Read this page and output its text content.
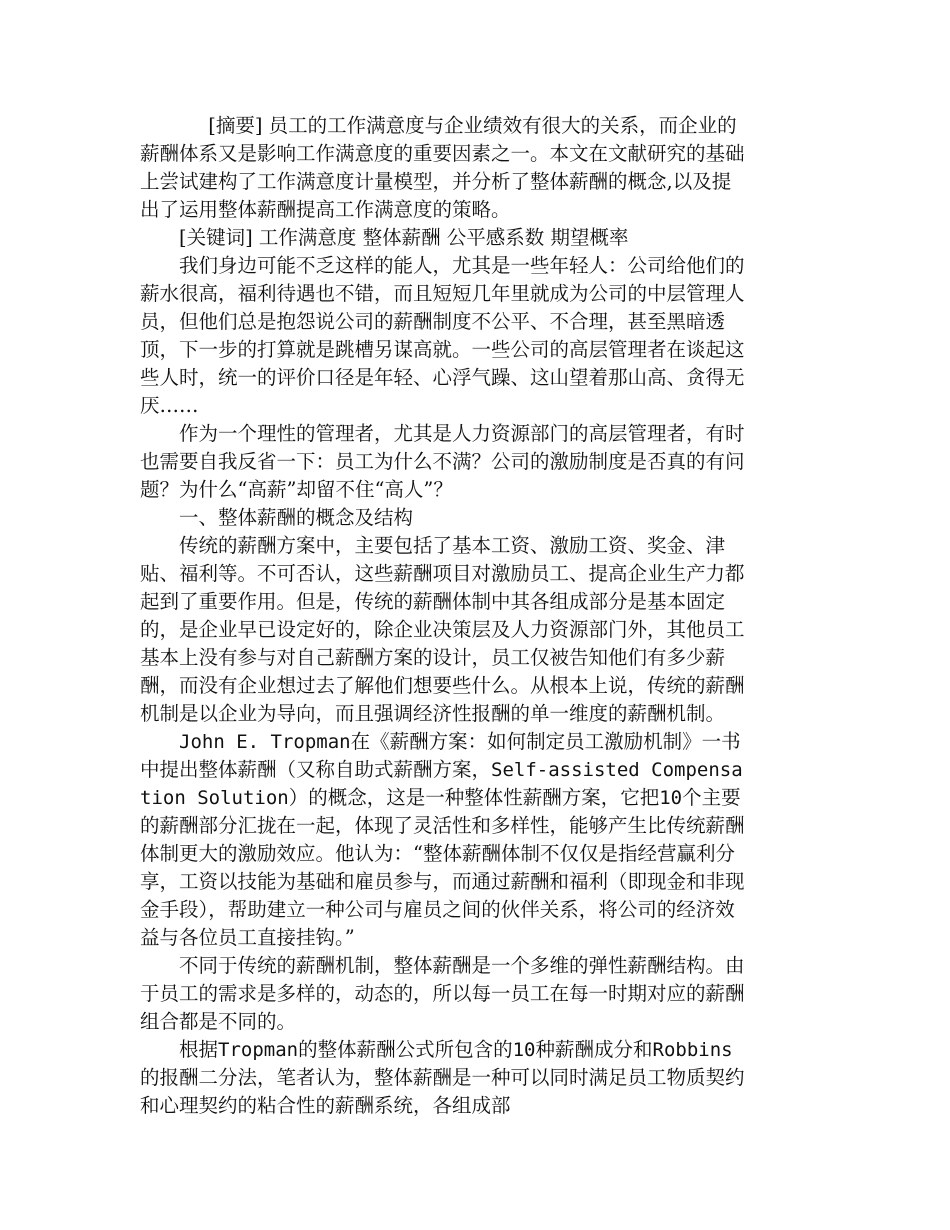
[摘要] 员工的工作满意度与企业绩效有很大的关系，而企业的薪酬体系又是影响工作满意度的重要因素之一。本文在文献研究的基础上尝试建构了工作满意度计量模型，并分析了整体薪酬的概念,以及提出了运用整体薪酬提高工作满意度的策略。

[关键词] 工作满意度 整体薪酬 公平感系数 期望概率

我们身边可能不乏这样的能人，尤其是一些年轻人：公司给他们的薪水很高，福利待遇也不错，而且短短几年里就成为公司的中层管理人员，但他们总是抱怨说公司的薪酬制度不公平、不合理，甚至黑暗透顶，下一步的打算就是跳槽另谋高就。一些公司的高层管理者在谈起这些人时，统一的评价口径是年轻、心浮气躁、这山望着那山高、贪得无厌……

作为一个理性的管理者，尤其是人力资源部门的高层管理者，有时也需要自我反省一下：员工为什么不满？公司的激励制度是否真的有问题？为什么“高薪”却留不住“高人”？

一、整体薪酬的概念及结构

传统的薪酬方案中，主要包括了基本工资、激励工资、奖金、津贴、福利等。不可否认，这些薪酬项目对激励员工、提高企业生产力都起到了重要作用。但是，传统的薪酬体制中其各组成部分是基本固定的，是企业早已设定好的，除企业决策层及人力资源部门外，其他员工基本上没有参与对自己薪酬方案的设计，员工仅被告知他们有多少薪酬，而没有企业想过去了解他们想要些什么。从根本上说，传统的薪酬机制是以企业为导向，而且强调经济性报酬的单一维度的薪酬机制。

John E. Tropman在《薪酬方案：如何制定员工激励机制》一书中提出整体薪酬（又称自助式薪酬方案，Self-assisted Compensation Solution）的概念，这是一种整体性薪酬方案，它把10个主要的薪酬部分汇拢在一起，体现了灵活性和多样性，能够产生比传统薪酬体制更大的激励效应。他认为：“整体薪酬体制不仅仅是指经营赢利分享，工资以技能为基础和雇员参与，而通过薪酬和福利（即现金和非现金手段），帮助建立一种公司与雇员之间的伙伴关系，将公司的经济效益与各位员工直接挂钩。”

不同于传统的薪酬机制，整体薪酬是一个多维的弹性薪酬结构。由于员工的需求是多样的，动态的，所以每一员工在每一时期对应的薪酬组合都是不同的。

根据Tropman的整体薪酬公式所包含的10种薪酬成分和Robbins的报酬二分法，笔者认为，整体薪酬是一种可以同时满足员工物质契约和心理契约的粘合性的薪酬系统，各组成部
